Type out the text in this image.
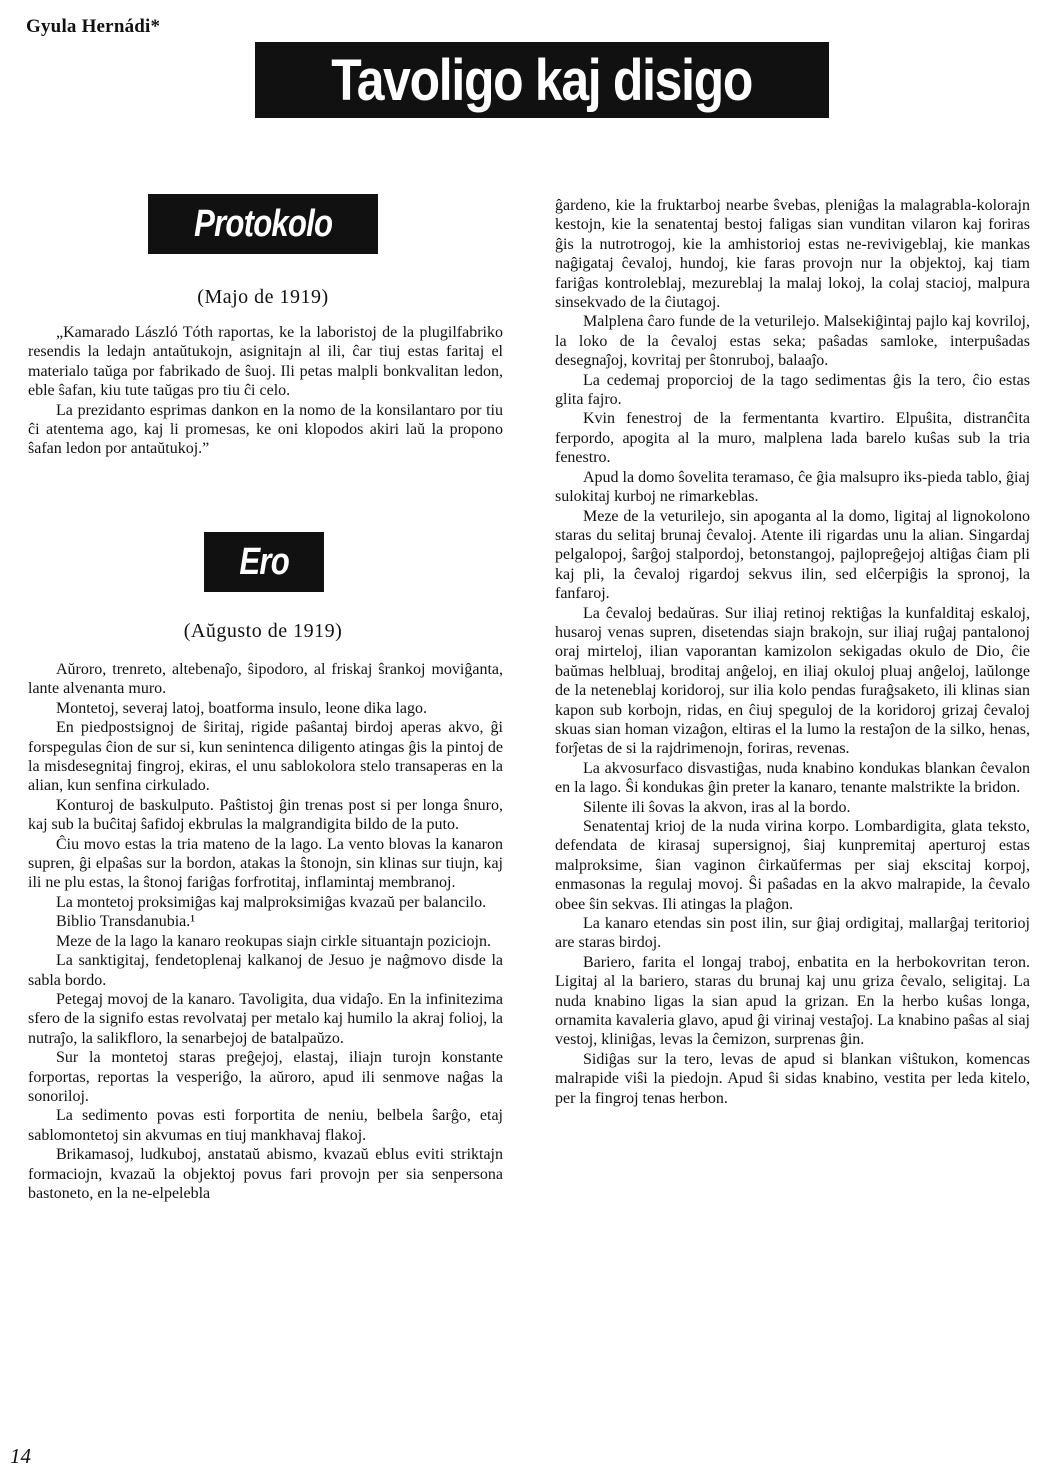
Gyula Hernádi*
Tavoligo kaj disigo
Protokolo
(Majo de 1919)

„Kamarado László Tóth raportas, ke la laboristoj de la plugilfabriko resendis la ledajn antaŭtukojn, asignitajn al ili, ĉar tiuj estas faritaj el materialo taŭga por fabrikado de ŝuoj. Ili petas malpli bonkvalitan ledon, eble ŝafan, kiu tute taŭgas pro tiu ĉi celo.

La prezidanto esprimas dankon en la nomo de la konsilantaro por tiu ĉi atentema ago, kaj li promesas, ke oni klopodos akiri laŭ la propono ŝafan ledon por antaŭtukoj.”

Ero
(Aŭgusto de 1919)

Aŭroro, trenreto, altebenaĵo, ŝipodoro, al friskaj ŝrankoj moviĝanta, lante alvenanta muro.

Montetoj, severaj latoj, boatforma insulo, leone dika lago.

En piedpostsignoj de ŝiritaj, rigide paŝantaj birdoj aperas akvo, ĝi forspegulas ĉion de sur si, kun senintenca diligento atingas ĝis la pintoj de la misdesegnitaj fingroj, ekiras, el unu sablokolora stelo transaperas en la alian, kun senfina cirkulado.

Konturoj de baskulputo. Paŝtistoj ĝin trenas post si per longa ŝnuro, kaj sub la buĉitaj ŝafidoj ekbrulas la malgrandigita bildo de la puto.

Ĉiu movo estas la tria mateno de la lago. La vento blovas la kanaron supren, ĝi elpaŝas sur la bordon, atakas la ŝtonojn, sin klinas sur tiujn, kaj ili ne plu estas, la ŝtonoj fariĝas forfrotitaj, inflamintaj membranoj.

La montetoj proksimiĝas kaj malproksimiĝas kvazaŭ per balancilo.

Biblio Transdanubia.¹

Meze de la lago la kanaro reokupas siajn cirkle situantajn poziciojn.

La sanktigitaj, fendetoplenaj kalkanoj de Jesuo je naĝmovo disde la sabla bordo.

Petegaj movoj de la kanaro. Tavoligita, dua vidaĵo. En la infinitezima sfero de la signifo estas revolvataj per metalo kaj humilo la akraj folioj, la nutraĵo, la salikfloro, la senarbejoj de batalpaŭzo.

Sur la montetoj staras preĝejoj, elastaj, iliajn turojn konstante forportas, reportas la vesperiĝo, la aŭroro, apud ili senmove naĝas la sonoriloj.

La sedimento povas esti forportita de neniu, belbela ŝarĝo, etaj sablomontetoj sin akvumas en tiuj mankhavaj flakoj.

Brikamasoj, ludkuboj, anstataŭ abismo, kvazaŭ eblus eviti striktajn formaciojn, kvazaŭ la objektoj povus fari provojn per sia senpersona bastoneto, en la ne-elpelebla

ĝardeno, kie la fruktarboj nearbe ŝvebas, pleniĝas la malagrabla-kolorajn kestojn, kie la senatentaj bestoj faligas sian vunditan vilaron kaj foriras ĝis la nutrotrogoj, kie la amhistorioj estas ne-revivigeblaj, kie mankas naĝigataj ĉevaloj, hundoj, kie faras provojn nur la objektoj, kaj tiam fariĝas kontroleblaj, mezureblaj la malaj lokoj, la colaj stacioj, malpura sinsekvado de la ĉiutagoj.

Malplena ĉaro funde de la veturilejo. Malsekiĝintaj pajlo kaj kovriloj, la loko de la ĉevaloj estas seka; paŝadas samloke, interpuŝadas desegnaĵoj, kovritaj per ŝtonruboj, balaaĵo.

La cedemaj proporcioj de la tago sedimentas ĝis la tero, ĉio estas glita fajro.

Kvin fenestroj de la fermentanta kvartiro. Elpuŝita, distranĉita ferpordo, apogita al la muro, malplena lada barelo kuŝas sub la tria fenestro.

Apud la domo ŝovelita teramaso, ĉe ĝia malsupro iks-pieda tablo, ĝiaj sulokitaj kurboj ne rimarkeblas.

Meze de la veturilejo, sin apoganta al la domo, ligitaj al lignokolono staras du selitaj brunaj ĉevaloj. Atente ili rigardas unu la alian. Singardaj pelgalopoj, ŝarĝoj stalpordoj, betonstangoj, pajlopreĝejoj altiĝas ĉiam pli kaj pli, la ĉevaloj rigardoj sekvus ilin, sed elĉerpiĝis la spronoj, la fanfaroj.

La ĉevaloj bedaŭras. Sur iliaj retinoj rektiĝas la kunfalditaj eskaloj, husaroj venas supren, disetendas siajn brakojn, sur iliaj ruĝaj pantalonoj oraj mirteloj, ilian vaporantan kamizolon sekigadas okulo de Dio, ĉie baŭmas helbluaj, broditaj anĝeloj, en iliaj okuloj pluaj anĝeloj, laŭlonge de la neteneblaj koridoroj, sur ilia kolo pendas furaĝsaketo, ili klinas sian kapon sub korbojn, ridas, en ĉiuj speguloj de la koridoroj grizaj ĉevaloj skuas sian homan vizaĝon, eltiras el la lumo la restaĵon de la silko, henas, forĵetas de si la rajdrimenojn, foriras, revenas.

La akvosurfaco disvastiĝas, nuda knabino kondukas blankan ĉevalon en la lago. Ŝi kondukas ĝin preter la kanaro, tenante malstrikte la bridon.

Silente ili ŝovas la akvon, iras al la bordo.

Senatentaj krioj de la nuda virina korpo. Lombardigita, glata teksto, defendata de kirasaj supersignoj, ŝiaj kunpremitaj aperturoj estas malproksime, ŝian vaginon ĉirkaŭfermas per siaj ekscitaj korpoj, enmasonas la regulaj movoj. Ŝi paŝadas en la akvo malrapide, la ĉevalo obee ŝin sekvas. Ili atingas la plaĝon.

La kanaro etendas sin post ilin, sur ĝiaj ordigitaj, mallarĝaj teritorioj are staras birdoj.

Bariero, farita el longaj traboj, enbatita en la herbokovritan teron. Ligitaj al la bariero, staras du brunaj kaj unu griza ĉevalo, seligitaj. La nuda knabino ligas la sian apud la grizan. En la herbo kuŝas longa, ornamita kavaleria glavo, apud ĝi virinaj vestaĵoj. La knabino paŝas al siaj vestoj, kliniĝas, levas la ĉemizon, surprenas ĝin.

Sidiĝas sur la tero, levas de apud si blankan viŝtukon, komencas malrapide viŝi la piedojn. Apud ŝi sidas knabino, vestita per leda kitelo, per la fingroj tenas herbon.

14
